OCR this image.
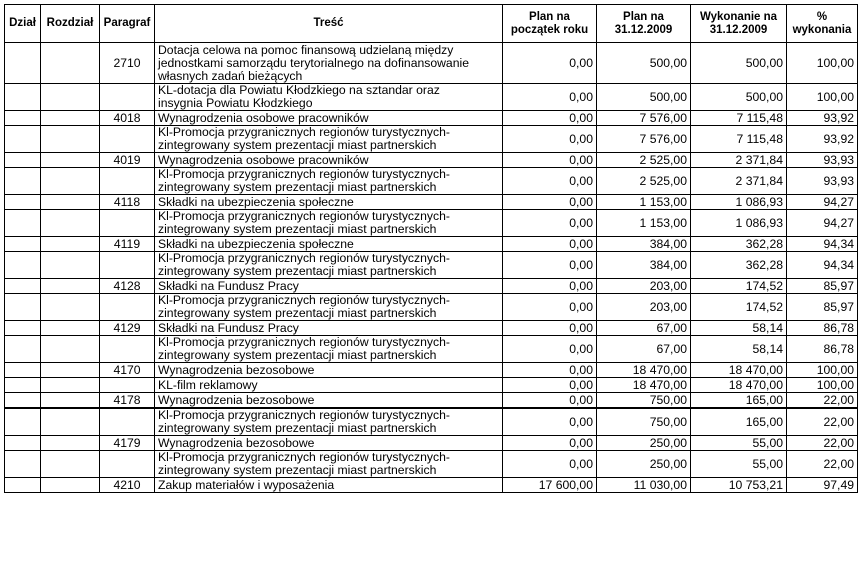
Dział	Rozdział	Paragraf	Treść	Plan na
początek roku	Plan na
31.12.2009	Wykonanie na
31.12.2009	%
wykonania

		2710	Dotacja celowa na pomoc finansową udzielaną między
jednostkami samorządu terytorialnego na dofinansowanie
własnych zadań bieżących	0,00	500,00	500,00	100,00

			KL-dotacja dla Powiatu Kłodzkiego na sztandar oraz
insygnia Powiatu Kłodzkiego	0,00	500,00	500,00	100,00
		4018	Wynagrodzenia osobowe pracowników	0,00	7 576,00	7 115,48	93,92

			Kl-Promocja przygranicznych regionów turystycznych-
zintegrowany system prezentacji miast partnerskich	0,00	7 576,00	7 115,48	93,92
		4019	Wynagrodzenia osobowe pracowników	0,00	2 525,00	2 371,84	93,93

			Kl-Promocja przygranicznych regionów turystycznych-
zintegrowany system prezentacji miast partnerskich	0,00	2 525,00	2 371,84	93,93
		4118	Składki na ubezpieczenia społeczne	0,00	1 153,00	1 086,93	94,27

			Kl-Promocja przygranicznych regionów turystycznych-
zintegrowany system prezentacji miast partnerskich	0,00	1 153,00	1 086,93	94,27
		4119	Składki na ubezpieczenia społeczne	0,00	384,00	362,28	94,34

			Kl-Promocja przygranicznych regionów turystycznych-
zintegrowany system prezentacji miast partnerskich	0,00	384,00	362,28	94,34
		4128	Składki na Fundusz Pracy	0,00	203,00	174,52	85,97

			Kl-Promocja przygranicznych regionów turystycznych-
zintegrowany system prezentacji miast partnerskich	0,00	203,00	174,52	85,97
		4129	Składki na Fundusz Pracy	0,00	67,00	58,14	86,78

			Kl-Promocja przygranicznych regionów turystycznych-
zintegrowany system prezentacji miast partnerskich	0,00	67,00	58,14	86,78
		4170	Wynagrodzenia bezosobowe	0,00	18 470,00	18 470,00	100,00

			KL-film reklamowy	0,00	18 470,00	18 470,00	100,00
		4178	Wynagrodzenia bezosobowe	0,00	750,00	165,00	22,00

			Kl-Promocja przygranicznych regionów turystycznych-
zintegrowany system prezentacji miast partnerskich	0,00	750,00	165,00	22,00
		4179	Wynagrodzenia bezosobowe	0,00	250,00	55,00	22,00

			Kl-Promocja przygranicznych regionów turystycznych-
zintegrowany system prezentacji miast partnerskich	0,00	250,00	55,00	22,00
		4210	Zakup materiałów i wyposażenia	17 600,00	11 030,00	10 753,21	97,49
